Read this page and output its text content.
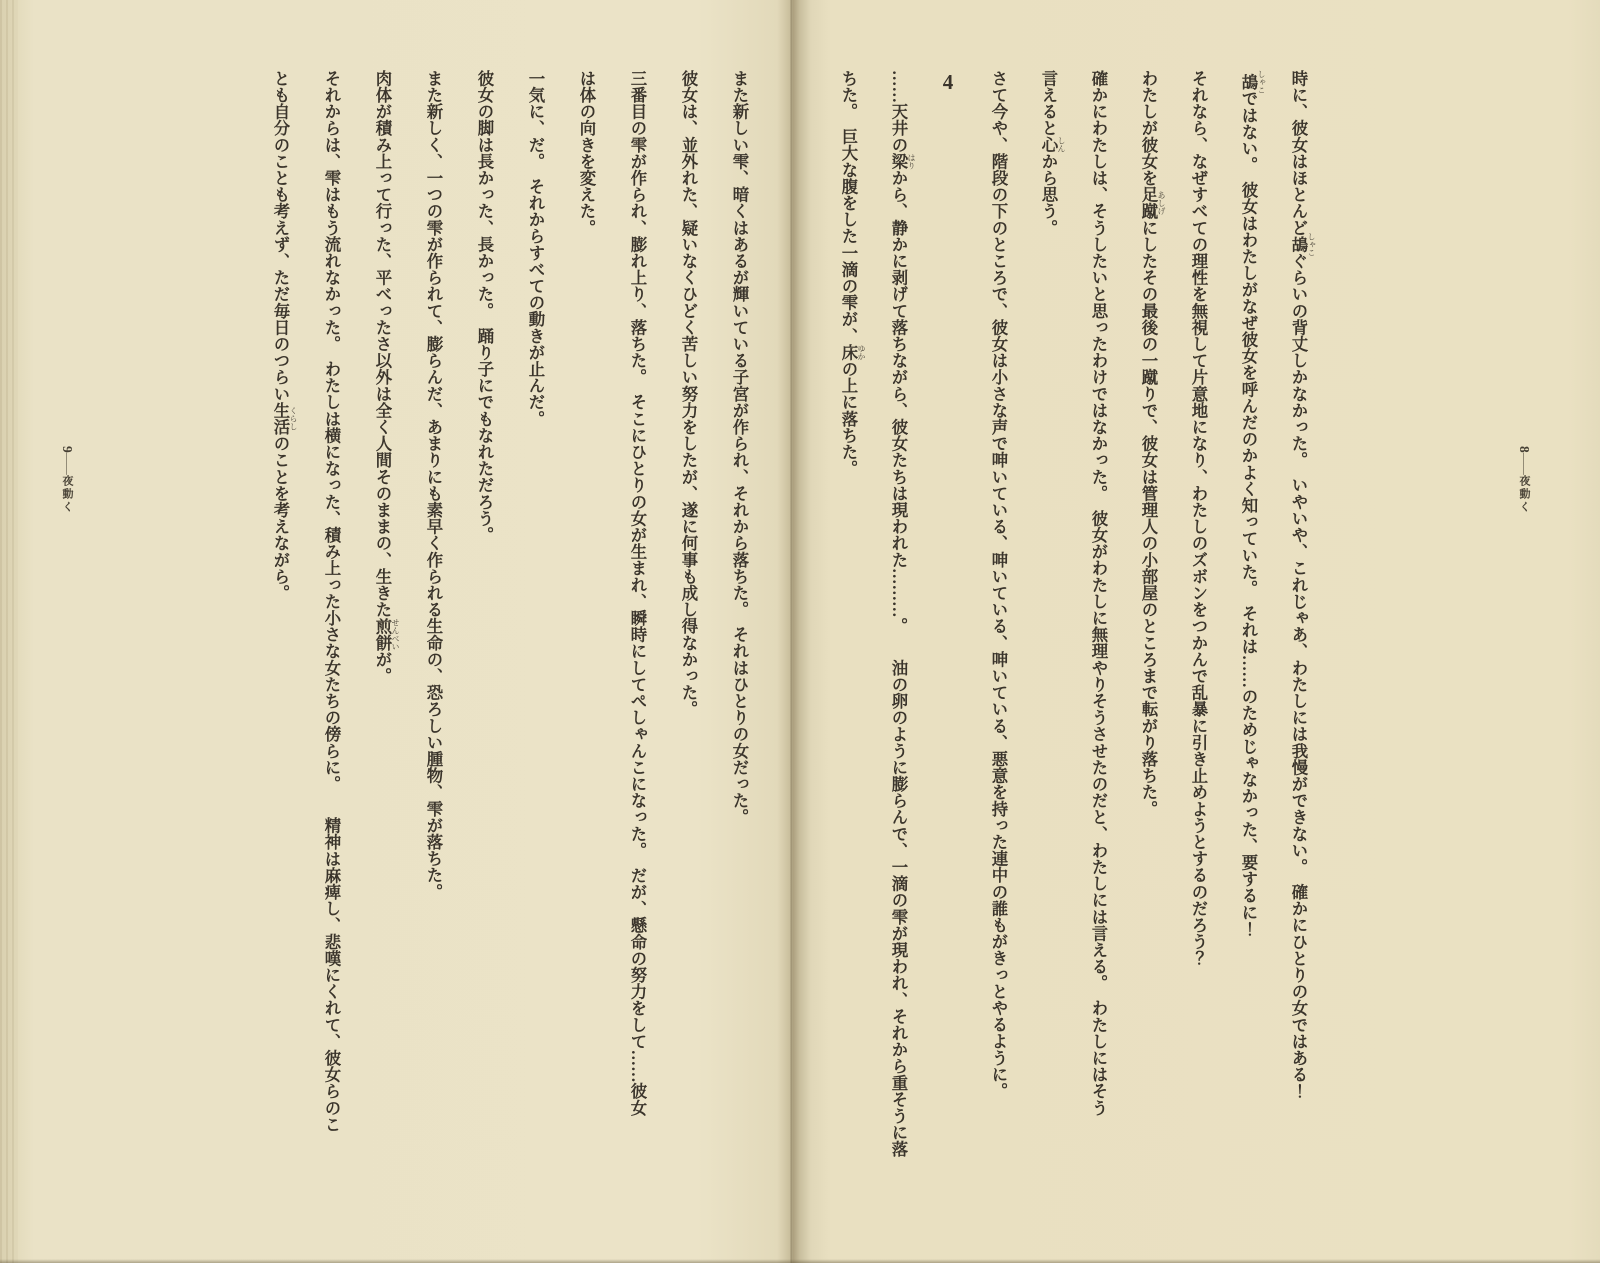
また新しい雫、暗くはあるが輝いている子宮が作られ、それから落ちた。　それはひとりの女だった。

彼女は、並外れた、疑いなくひどく苦しい努力をしたが、遂に何事も成し得なかった。

三番目の雫が作られ、膨れ上り、落ちた。　そこにひとりの女が生まれ、瞬時にしてぺしゃんこになった。　だが、懸命の努力をして……彼女

は体の向きを変えた。

一気に、だ。　それからすべての動きが止んだ。

彼女の脚は長かった、長かった。　踊り子にでもなれただろう。

また新しく、一つの雫が作られて、膨らんだ、あまりにも素早く作られる生命の、恐ろしい腫物、雫が落ちた。

肉体が積み上って行った、平べったさ以外は全く人間そのままの、生きた煎餅 せんべいが。

それからは、雫はもう流れなかった。　わたしは横になった、積み上った小さな女たちの傍らに。　　精神は麻痺し、悲嘆にくれて、彼女らのこ

とも自分のことも考えず、ただ毎日のつらい生活 くらしのことを考えながら。

9——夜動く

時に、彼女はほとんど鴣 しゃこぐらいの背丈しかなかった。　いやいや、これじゃあ、わたしには我慢ができない。　確かにひとりの女ではある！

鴣 しゃこではない。　彼女はわたしがなぜ彼女を呼んだのかよく知っていた。　それは……のためじゃなかった、要するに！

それなら、なぜすべての理性を無視して片意地になり、わたしのズボンをつかんで乱暴に引き止めようとするのだろう？

わたしが彼女を足蹴 あしげにしたその最後の一蹴りで、彼女は管理人の小部屋のところまで転がり落ちた。

確かにわたしは、そうしたいと思ったわけではなかった。　彼女がわたしに無理やりそうさせたのだと、わたしには言える。　わたしにはそう

言えると心 しんから思う。

さて今や、階段の下のところで、彼女は小さな声で呻いている、呻いている、呻いている、悪意を持った連中の誰もがきっとやるように。

4

……天井の梁 はりから、静かに剥げて落ちながら、彼女たちは現われた………。　　油の卵のように膨らんで、一滴の雫が現われ、それから重そうに落

ちた。　巨大な腹をした一滴の雫が、床 ゆかの上に落ちた。	8——夜動く
